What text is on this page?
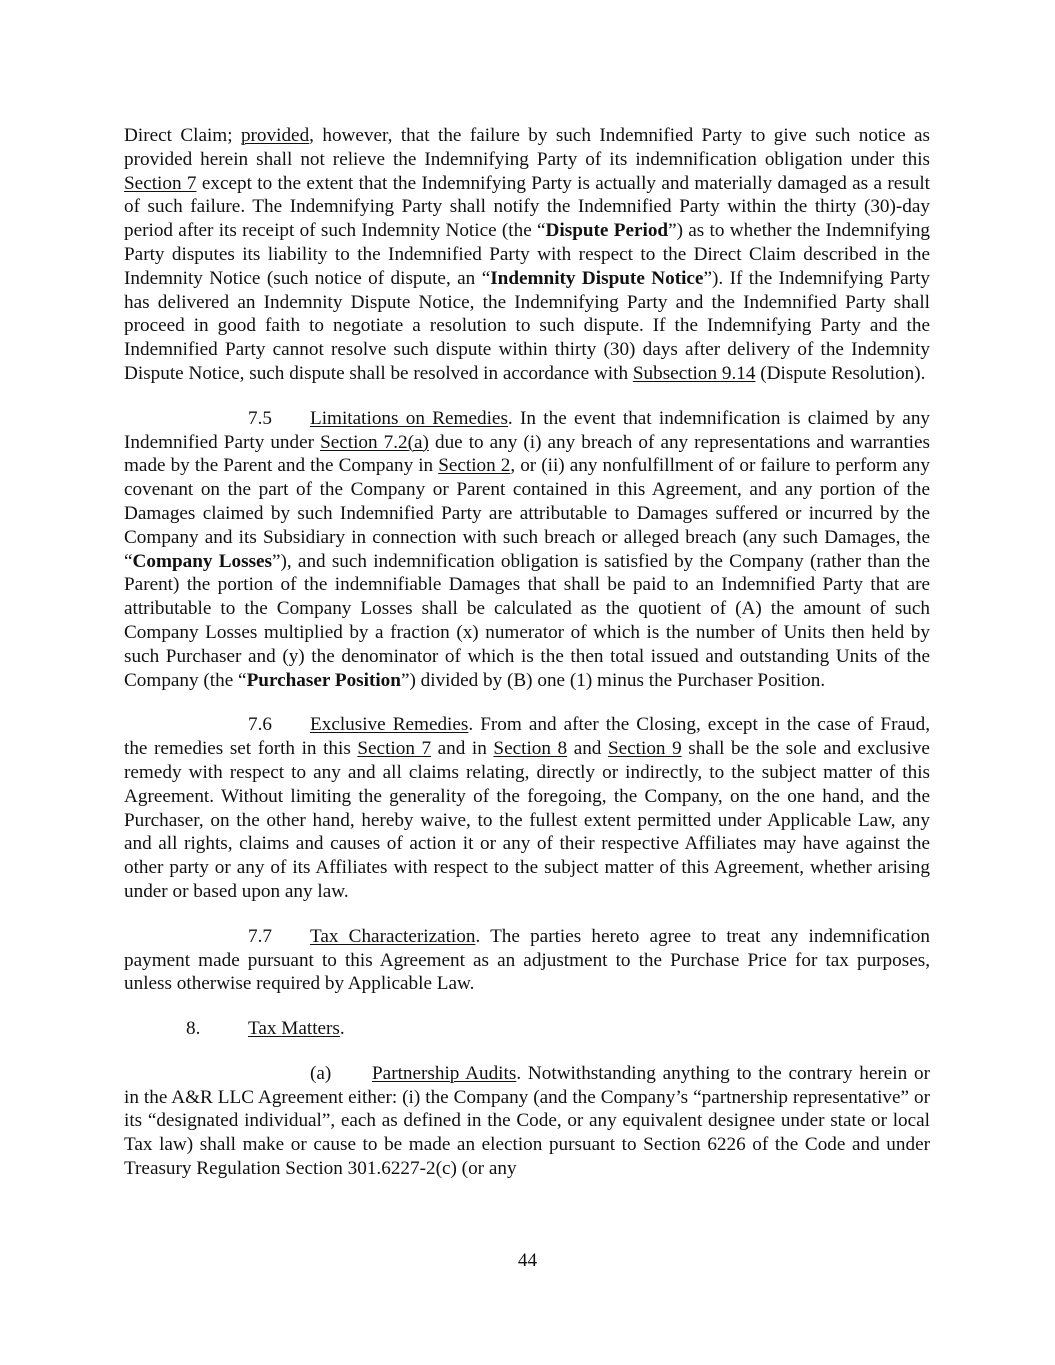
Direct Claim; provided, however, that the failure by such Indemnified Party to give such notice as provided herein shall not relieve the Indemnifying Party of its indemnification obligation under this Section 7 except to the extent that the Indemnifying Party is actually and materially damaged as a result of such failure. The Indemnifying Party shall notify the Indemnified Party within the thirty (30)-day period after its receipt of such Indemnity Notice (the “Dispute Period”) as to whether the Indemnifying Party disputes its liability to the Indemnified Party with respect to the Direct Claim described in the Indemnity Notice (such notice of dispute, an “Indemnity Dispute Notice”). If the Indemnifying Party has delivered an Indemnity Dispute Notice, the Indemnifying Party and the Indemnified Party shall proceed in good faith to negotiate a resolution to such dispute. If the Indemnifying Party and the Indemnified Party cannot resolve such dispute within thirty (30) days after delivery of the Indemnity Dispute Notice, such dispute shall be resolved in accordance with Subsection 9.14 (Dispute Resolution).

7.5 Limitations on Remedies. In the event that indemnification is claimed by any Indemnified Party under Section 7.2(a) due to any (i) any breach of any representations and warranties made by the Parent and the Company in Section 2, or (ii) any nonfulfillment of or failure to perform any covenant on the part of the Company or Parent contained in this Agreement, and any portion of the Damages claimed by such Indemnified Party are attributable to Damages suffered or incurred by the Company and its Subsidiary in connection with such breach or alleged breach (any such Damages, the “Company Losses”), and such indemnification obligation is satisfied by the Company (rather than the Parent) the portion of the indemnifiable Damages that shall be paid to an Indemnified Party that are attributable to the Company Losses shall be calculated as the quotient of (A) the amount of such Company Losses multiplied by a fraction (x) numerator of which is the number of Units then held by such Purchaser and (y) the denominator of which is the then total issued and outstanding Units of the Company (the “Purchaser Position”) divided by (B) one (1) minus the Purchaser Position.

7.6 Exclusive Remedies. From and after the Closing, except in the case of Fraud, the remedies set forth in this Section 7 and in Section 8 and Section 9 shall be the sole and exclusive remedy with respect to any and all claims relating, directly or indirectly, to the subject matter of this Agreement. Without limiting the generality of the foregoing, the Company, on the one hand, and the Purchaser, on the other hand, hereby waive, to the fullest extent permitted under Applicable Law, any and all rights, claims and causes of action it or any of their respective Affiliates may have against the other party or any of its Affiliates with respect to the subject matter of this Agreement, whether arising under or based upon any law.

7.7 Tax Characterization. The parties hereto agree to treat any indemnification payment made pursuant to this Agreement as an adjustment to the Purchase Price for tax purposes, unless otherwise required by Applicable Law.

8. Tax Matters.

(a) Partnership Audits. Notwithstanding anything to the contrary herein or in the A&R LLC Agreement either: (i) the Company (and the Company’s “partnership representative” or its “designated individual”, each as defined in the Code, or any equivalent designee under state or local Tax law) shall make or cause to be made an election pursuant to Section 6226 of the Code and under Treasury Regulation Section 301.6227-2(c) (or any

44
